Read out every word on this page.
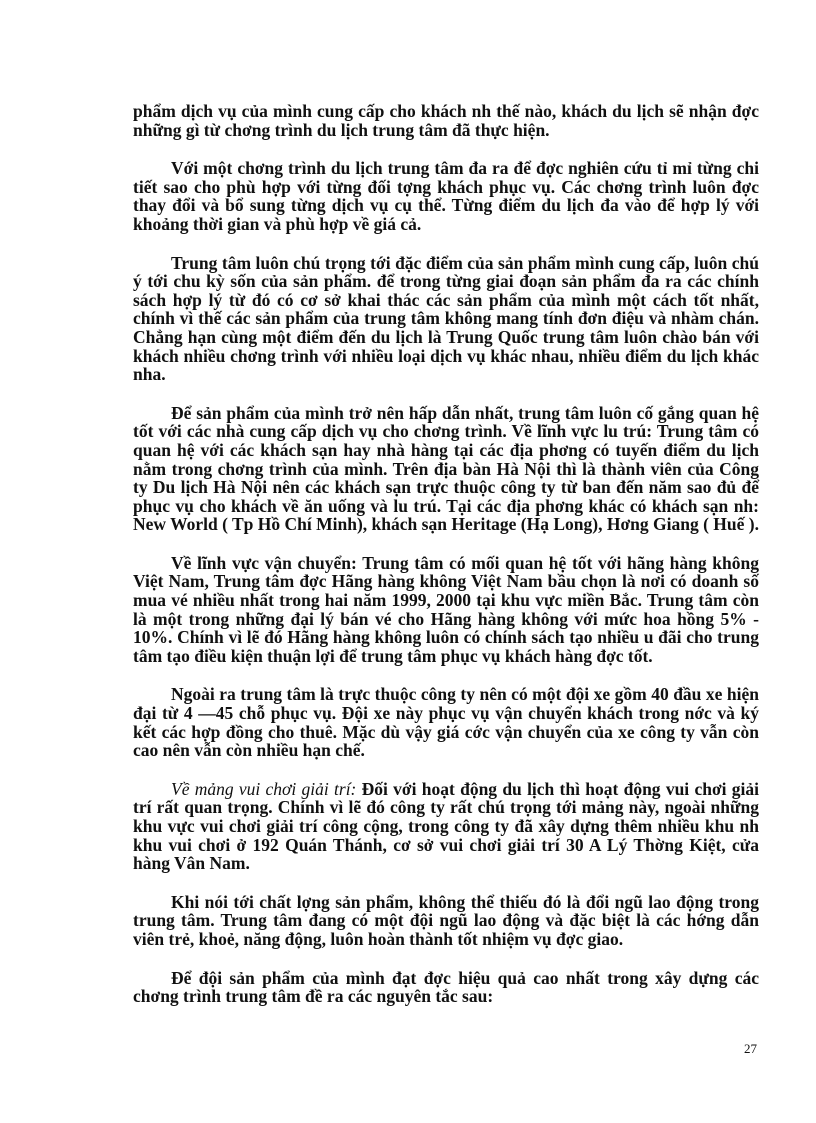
phẩm dịch vụ của mình cung cấp cho khách nh thế nào, khách du lịch sẽ nhận đợc những gì từ chơng trình du lịch trung tâm đã thực hiện.

Với một chơng trình du lịch trung tâm đa ra để đợc nghiên cứu tỉ mỉ từng chi tiết sao cho phù hợp với từng đối tợng khách phục vụ. Các chơng trình luôn đợc thay đổi và bổ sung từng dịch vụ cụ thể. Từng điểm du lịch đa vào để hợp lý với khoảng thời gian và phù hợp về giá cả.

Trung tâm luôn chú trọng tới đặc điểm của sản phẩm mình cung cấp, luôn chú ý tới chu kỳ sốn của sản phẩm. để trong từng giai đoạn sản phẩm đa ra các chính sách hợp lý từ đó có cơ sở khai thác các sản phẩm của mình một cách tốt nhất, chính vì thế các sản phẩm của trung tâm không mang tính đơn điệu và nhàm chán. Chẳng hạn cùng một điểm đến du lịch là Trung Quốc trung tâm luôn chào bán với khách nhiều chơng trình với nhiều loại dịch vụ khác nhau, nhiều điểm du lịch khác nha.

Để sản phẩm của mình trở nên hấp dẫn nhất, trung tâm luôn cố gắng quan hệ tốt với các nhà cung cấp dịch vụ cho chơng trình. Về lĩnh vực lu trú: Trung tâm có quan hệ với các khách sạn hay nhà hàng tại các địa phơng có tuyến điểm du lịch nằm trong chơng trình của mình. Trên địa bàn Hà Nội thì là thành viên của Công ty Du lịch Hà Nội nên các khách sạn trực thuộc công ty từ ban đến năm sao đủ để phục vụ cho khách về ăn uống và lu trú. Tại các địa phơng khác có khách sạn nh: New World ( Tp Hồ Chí Minh), khách sạn Heritage (Hạ Long), Hơng Giang ( Huế ).

Về lĩnh vực vận chuyển: Trung tâm có mối quan hệ tốt với hãng hàng không Việt Nam, Trung tâm đợc Hãng hàng không Việt Nam bầu chọn là nơi có doanh số mua vé nhiều nhất trong hai năm 1999, 2000 tại khu vực miền Bắc. Trung tâm còn là một trong những đại lý bán vé cho Hãng hàng không với mức hoa hồng 5% - 10%. Chính vì lẽ đó Hãng hàng không luôn có chính sách tạo nhiều u đãi cho trung tâm tạo điều kiện thuận lợi để trung tâm phục vụ khách hàng đợc tốt.

Ngoài ra trung tâm là trực thuộc công ty nên có một đội xe gồm 40 đầu xe hiện đại từ 4 —45 chỗ phục vụ. Đội xe này phục vụ vận chuyển khách trong nớc và ký kết các hợp đồng cho thuê. Mặc dù vậy giá cớc vận chuyển của xe công ty vẫn còn cao nên vẫn còn nhiều hạn chế.

Về mảng vui chơi giải trí: Đối với hoạt động du lịch thì hoạt động vui chơi giải trí rất quan trọng. Chính vì lẽ đó công ty rất chú trọng tới mảng này, ngoài những khu vực vui chơi giải trí công cộng, trong công ty đã xây dựng thêm nhiều khu nh khu vui chơi ở 192 Quán Thánh, cơ sở vui chơi giải trí 30 A Lý Thờng Kiệt, cửa hàng Vân Nam.

Khi nói tới chất lợng sản phẩm, không thể thiếu đó là đổi ngũ lao động trong trung tâm. Trung tâm đang có một đội ngũ lao động và đặc biệt là các hớng dẫn viên trẻ, khoẻ, năng động, luôn hoàn thành tốt nhiệm vụ đợc giao.

Để đội sản phẩm của mình đạt đợc hiệu quả cao nhất trong xây dựng các chơng trình trung tâm đề ra các nguyên tắc sau:

27
